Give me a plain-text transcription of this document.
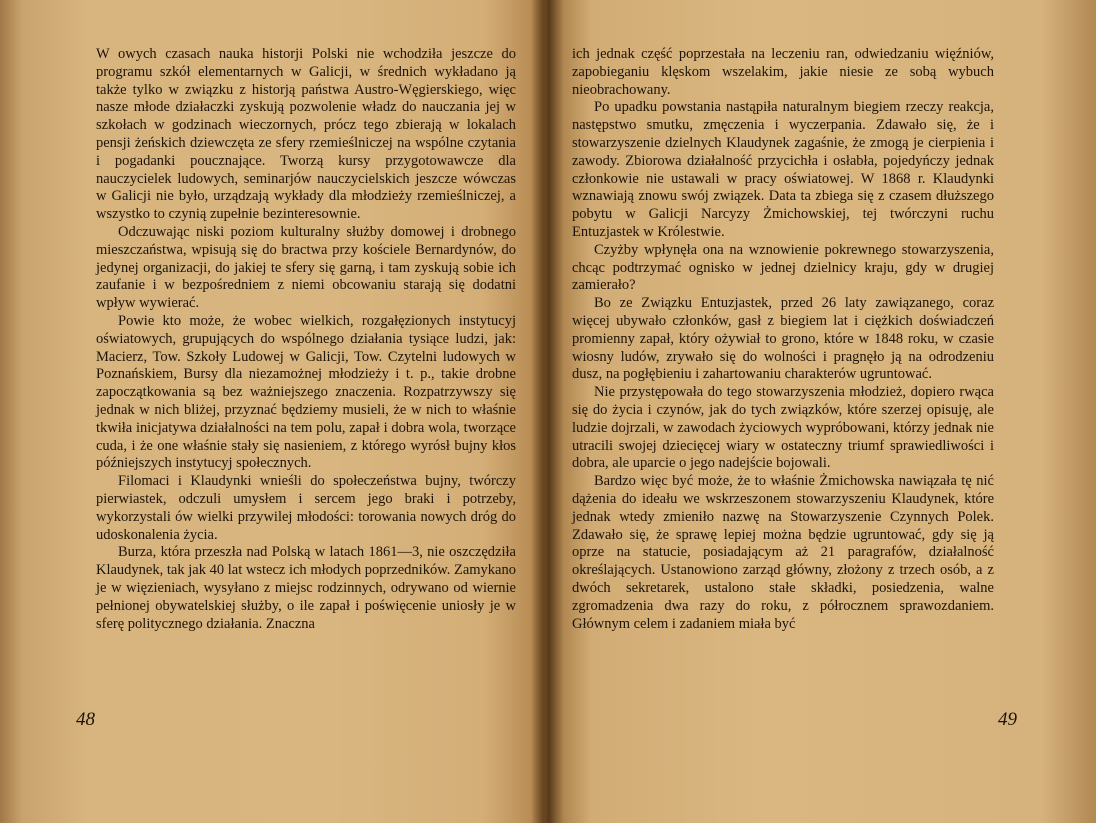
W owych czasach nauka historji Polski nie wchodziła jeszcze do programu szkół elementarnych w Galicji, w średnich wykładano ją także tylko w związku z historją państwa Austro-Węgierskiego, więc nasze młode działaczki zyskują pozwolenie władz do nauczania jej w szkołach w godzinach wieczornych, prócz tego zbierają w lokalach pensji żeńskich dziewczęta ze sfery rzemieślniczej na wspólne czytania i pogadanki poucznające. Tworzą kursy przygotowawcze dla nauczycielek ludowych, seminarjów nauczycielskich jeszcze wówczas w Galicji nie było, urządzają wykłady dla młodzieży rzemieślniczej, a wszystko to czynią zupełnie bezinteresownie.

Odczuwając niski poziom kulturalny służby domowej i drobnego mieszczaństwa, wpisują się do bractwa przy kościele Bernardynów, do jedynej organizacji, do jakiej te sfery się garną, i tam zyskują sobie ich zaufanie i w bezpośredniem z niemi obcowaniu starają się dodatni wpływ wywierać.

Powie kto może, że wobec wielkich, rozgałęzionych instytucyj oświatowych, grupujących do wspólnego działania tysiące ludzi, jak: Macierz, Tow. Szkoły Ludowej w Galicji, Tow. Czytelni ludowych w Poznańskiem, Bursy dla niezamożnej młodzieży i t. p., takie drobne zapoczątkowania są bez ważniejszego znaczenia. Rozpatrzywszy się jednak w nich bliżej, przyznać będziemy musieli, że w nich to właśnie tkwiła inicjatywa działalności na tem polu, zapał i dobra wola, tworzące cuda, i że one właśnie stały się nasieniem, z którego wyrósł bujny kłos późniejszych instytucyj społecznych.

Filomaci i Klaudynki wnieśli do społeczeństwa bujny, twórczy pierwiastek, odczuli umysłem i sercem jego braki i potrzeby, wykorzystali ów wielki przywilej młodości: torowania nowych dróg do udoskonalenia życia.

Burza, która przeszła nad Polską w latach 1861—3, nie oszczędziła Klaudynek, tak jak 40 lat wstecz ich młodych poprzedników. Zamykano je w więzieniach, wysyłano z miejsc rodzinnych, odrywano od wiernie pełnionej obywatelskiej służby, o ile zapał i poświęcenie uniosły je w sferę politycznego działania. Znaczna

48

ich jednak część poprzestała na leczeniu ran, odwiedzaniu więźniów, zapobieganiu klęskom wszelakim, jakie niesie ze sobą wybuch nieobrachowany.

Po upadku powstania nastąpiła naturalnym biegiem rzeczy reakcja, następstwo smutku, zmęczenia i wyczerpania. Zdawało się, że i stowarzyszenie dzielnych Klaudynek zagaśnie, że zmogą je cierpienia i zawody. Zbiorowa działalność przycichła i osłabła, pojedyńczy jednak członkowie nie ustawali w pracy oświatowej. W 1868 r. Klaudynki wznawiają znowu swój związek. Data ta zbiega się z czasem dłuższego pobytu w Galicji Narcyzy Żmichowskiej, tej twórczyni ruchu Entuzjastek w Królestwie.

Czyżby wpłynęła ona na wznowienie pokrewnego stowarzyszenia, chcąc podtrzymać ognisko w jednej dzielnicy kraju, gdy w drugiej zamierało?

Bo ze Związku Entuzjastek, przed 26 laty zawiązanego, coraz więcej ubywało członków, gasł z biegiem lat i ciężkich doświadczeń promienny zapał, który ożywiał to grono, które w 1848 roku, w czasie wiosny ludów, zrywało się do wolności i pragnęło ją na odrodzeniu dusz, na pogłębieniu i zahartowaniu charakterów ugruntować.

Nie przystępowała do tego stowarzyszenia młodzież, dopiero rwąca się do życia i czynów, jak do tych związków, które szerzej opisuję, ale ludzie dojrzali, w zawodach życiowych wypróbowani, którzy jednak nie utracili swojej dziecięcej wiary w ostateczny triumf sprawiedliwości i dobra, ale uparcie o jego nadejście bojowali.

Bardzo więc być może, że to właśnie Żmichowska nawiązała tę nić dążenia do ideału we wskrzeszonem stowarzyszeniu Klaudynek, które jednak wtedy zmieniło nazwę na Stowarzyszenie Czynnych Polek. Zdawało się, że sprawę lepiej można będzie ugruntować, gdy się ją oprze na statucie, posiadającym aż 21 paragrafów, działalność określających. Ustanowiono zarząd główny, złożony z trzech osób, a z dwóch sekretarek, ustalono stałe składki, posiedzenia, walne zgromadzenia dwa razy do roku, z półrocznem sprawozdaniem. Głównym celem i zadaniem miała być

49
